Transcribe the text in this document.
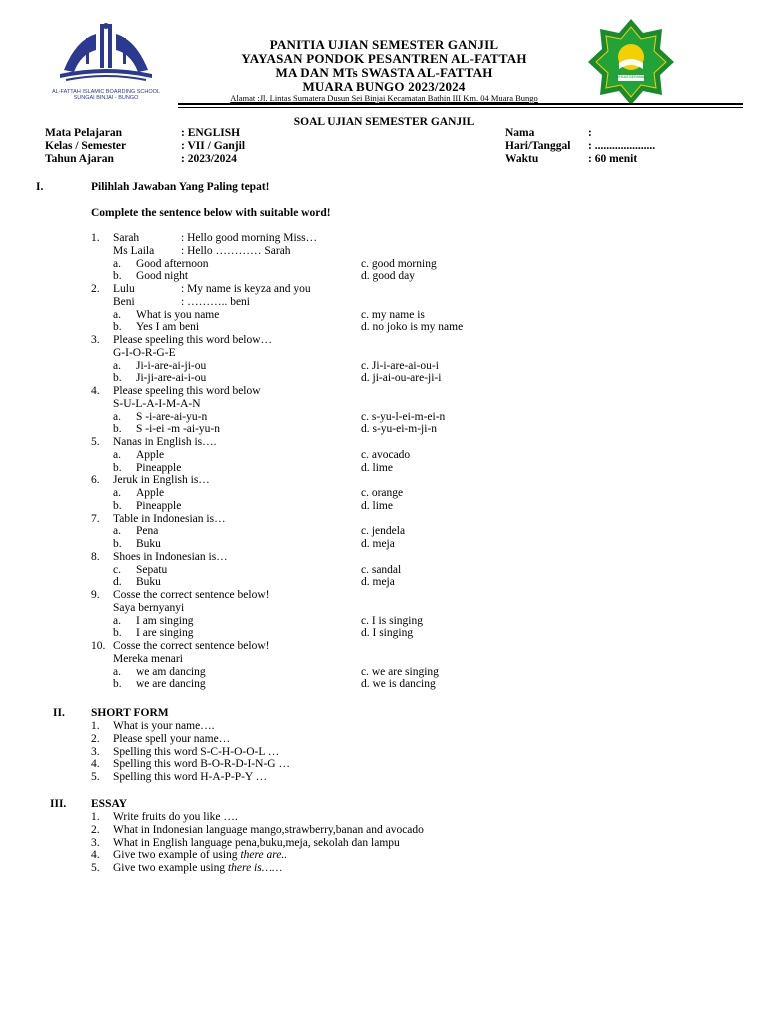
AL-FATTAH ISLAMIC BOARDING SCHOOL
SUNGAI BINJAI - BUNGO
IKHLAS BERAMAL
PANITIA UJIAN SEMESTER GANJIL
YAYASAN PONDOK PESANTREN AL-FATTAH
MA DAN MTs SWASTA AL-FATTAH
MUARA BUNGO 2023/2024
Alamat :Jl. Lintas Sumatera Dusun Sei Binjai Kecamatan Bathin III Km. 04 Muara Bungo
SOAL UJIAN SEMESTER GANJIL
Mata Pelajaran	: ENGLISH
Kelas / Semester	: VII / Ganjil
Tahun Ajaran	: 2023/2024
Nama	:
Hari/Tanggal : .....................
Waktu	: 60 menit
I.	Pilihlah Jawaban Yang Paling tepat!
Complete the sentence below with suitable word!
1. Sarah	: Hello good morning Miss…
Ms Laila : Hello ………… Sarah
a. Good afternoon	c. good morning
b. Good night	d. good day
2. Lulu	: My name is keyza and you
Beni	: ……….. beni
a. What is you name	c. my name is
b. Yes I am beni	d. no joko is my name
3. Please speeling this word below…
G-I-O-R-G-E
a. Ji-i-are-ai-ji-ou	c. Ji-i-are-ai-ou-i
b. Ji-ji-are-ai-i-ou	d. ji-ai-ou-are-ji-i
4. Please speeling this word below
S-U-L-A-I-M-A-N
a. S -i-are-ai-yu-n	c. s-yu-l-ei-m-ei-n
b. S -i-ei -m -ai-yu-n	d. s-yu-ei-m-ji-n
5. Nanas in English is….
a. Apple	c. avocado
b. Pineapple	d. lime
6. Jeruk in English is…
a. Apple	c. orange
b. Pineapple	d. lime
7. Table in Indonesian is…
a. Pena	c. jendela
b. Buku	d. meja
8. Shoes in Indonesian is…
c. Sepatu	c. sandal
d. Buku	d. meja
9. Cosse the correct sentence below!
Saya bernyanyi
a. I am singing	c. I is singing
b. I are singing	d. I singing
10. Cosse the correct sentence below!
Mereka menari
a. we am dancing	c. we are singing
b. we are dancing	d. we is dancing
II. SHORT FORM
1. What is your name….
2. Please spell your name…
3. Spelling this word S-C-H-O-O-L …
4. Spelling this word B-O-R-D-I-N-G …
5. Spelling this word H-A-P-P-Y …
III. ESSAY
1. Write fruits do you like ….
2. What in Indonesian language mango,strawberry,banan and avocado
3. What in English language pena,buku,meja, sekolah dan lampu
4. Give two example of using there are..
5. Give two example using there is……
